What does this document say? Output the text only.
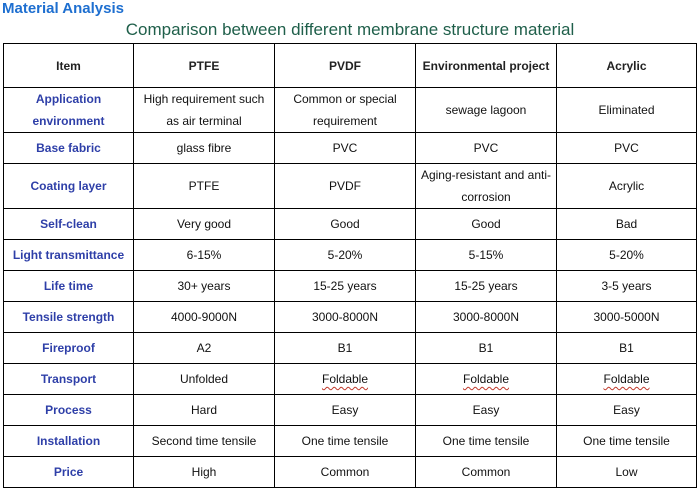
Material Analysis
Comparison between different membrane structure material
Item	PTFE	PVDF	Environmental project	Acrylic
Application environment	High requirement such as air terminal	Common or special requirement	sewage lagoon	Eliminated
Base fabric	glass fibre	PVC	PVC	PVC
Coating layer	PTFE	PVDF	Aging-resistant and anti-corrosion	Acrylic
Self-clean	Very good	Good	Good	Bad
Light transmittance	6-15%	5-20%	5-15%	5-20%
Life time	30+ years	15-25 years	15-25 years	3-5 years
Tensile strength	4000-9000N	3000-8000N	3000-8000N	3000-5000N
Fireproof	A2	B1	B1	B1
Transport	Unfolded	Foldable	Foldable	Foldable
Process	Hard	Easy	Easy	Easy
Installation	Second time tensile	One time tensile	One time tensile	One time tensile
Price	High	Common	Common	Low
